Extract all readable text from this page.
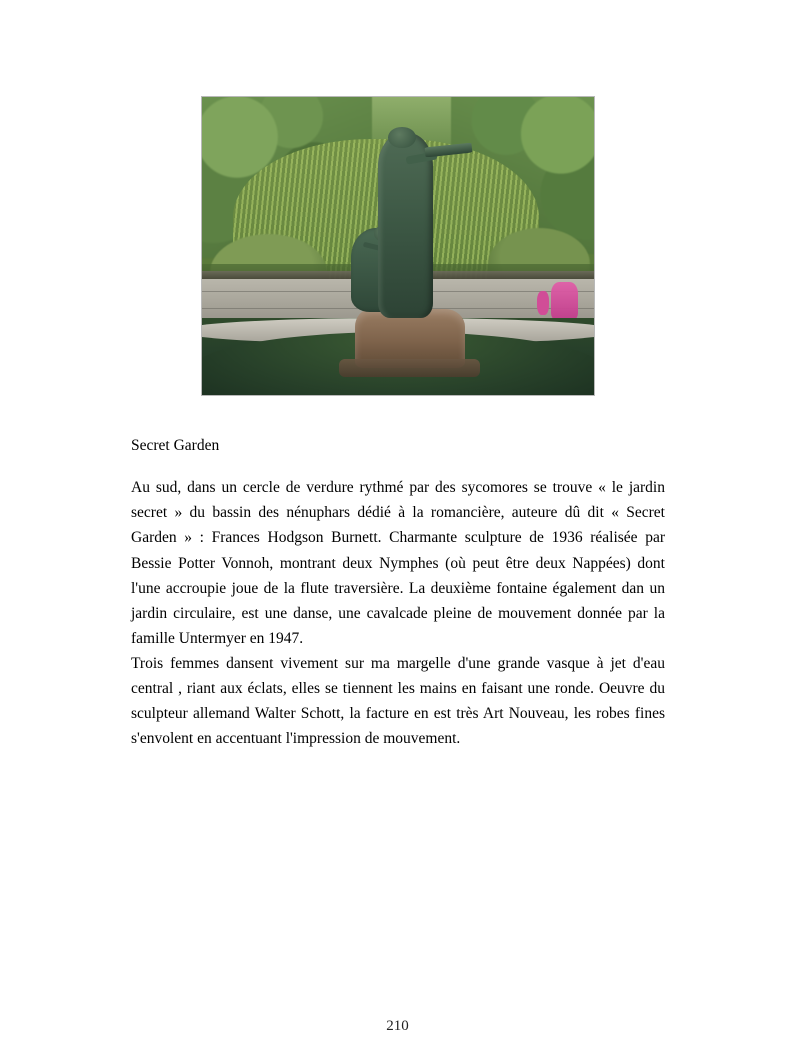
Secret Garden

Au sud, dans un cercle de verdure rythmé par des sycomores se trouve « le jardin secret » du bassin des nénuphars dédié à la romancière, auteure dû dit « Secret Garden » : Frances Hodgson Burnett. Charmante sculpture de 1936 réalisée par Bessie Potter Vonnoh, montrant deux Nymphes (où peut être deux Nappées) dont l'une accroupie joue de la flute traversière. La deuxième fontaine également dan un jardin circulaire, est une danse, une cavalcade pleine de mouvement donnée par la famille Untermyer en 1947.

Trois femmes dansent vivement sur ma margelle d'une grande vasque à jet d'eau central , riant aux éclats, elles se tiennent les mains en faisant une ronde. Oeuvre du sculpteur allemand Walter Schott, la facture en est très Art Nouveau, les robes fines s'envolent en accentuant l'impression de mouvement.

210
